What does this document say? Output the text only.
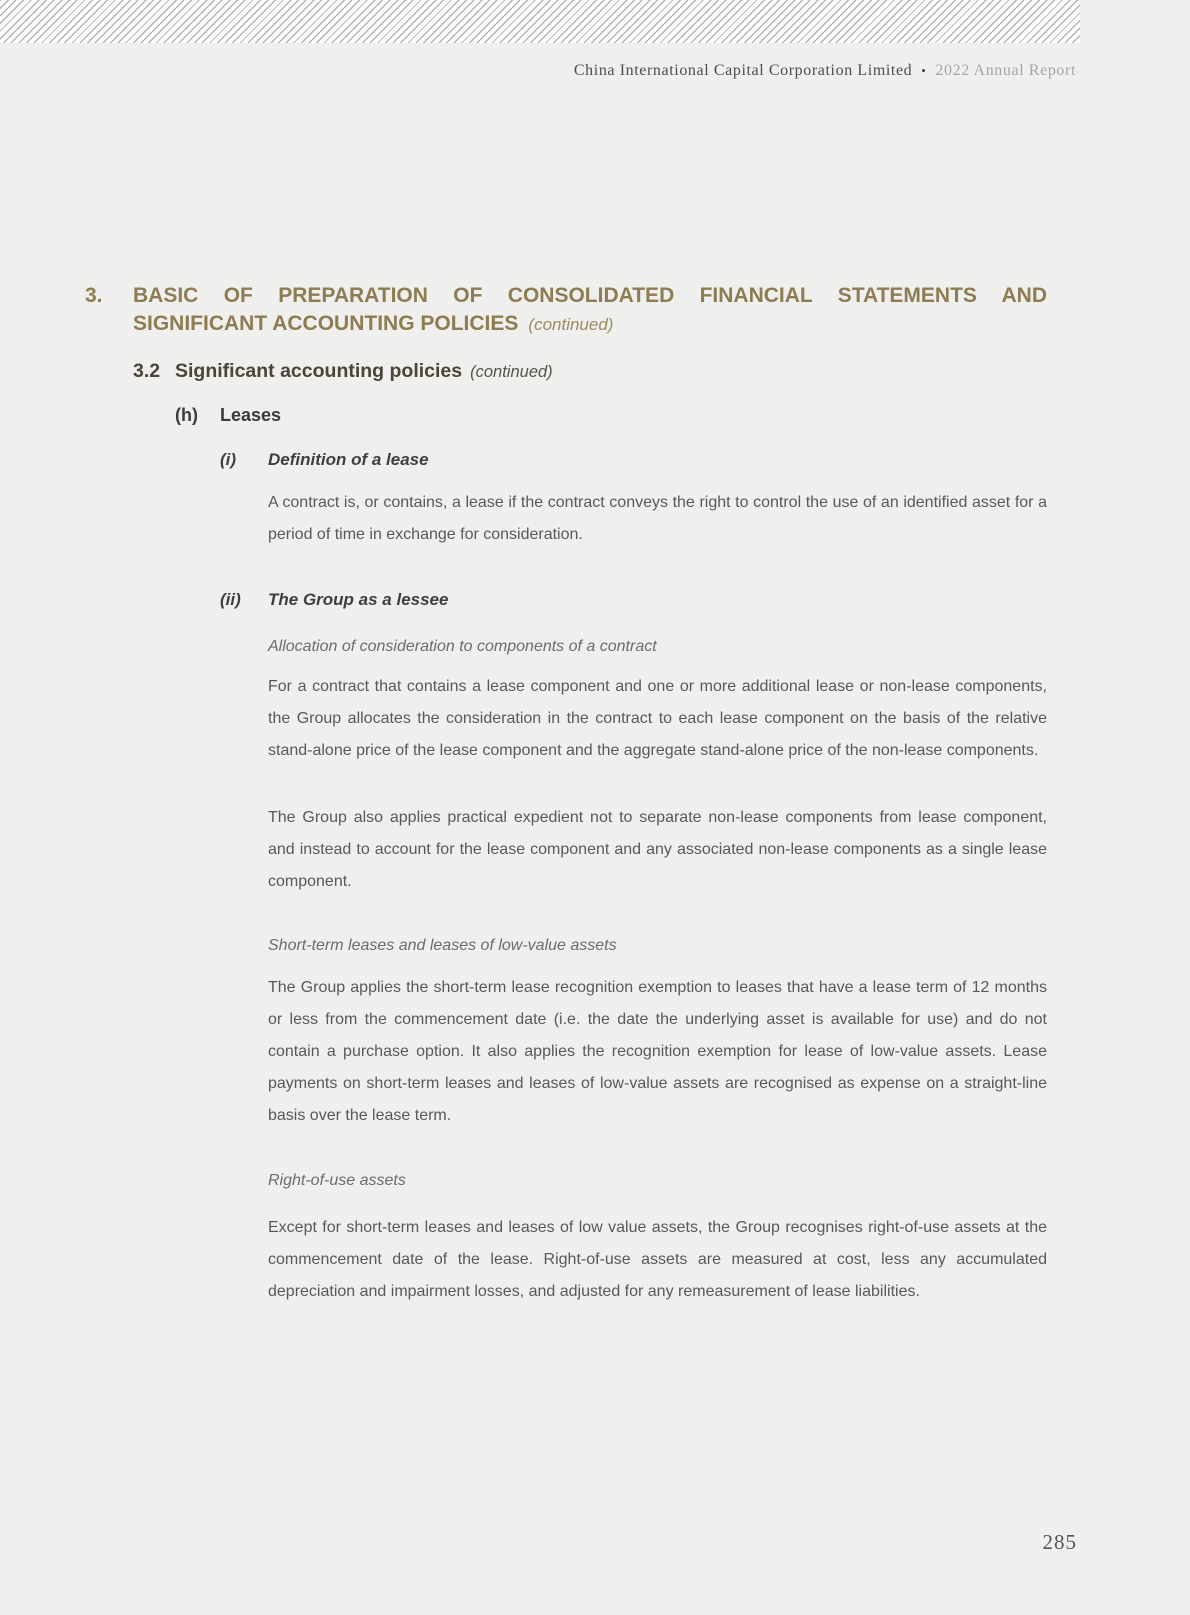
China International Capital Corporation Limited • 2022 Annual Report
3.	BASIC OF PREPARATION OF CONSOLIDATED FINANCIAL STATEMENTS AND
SIGNIFICANT ACCOUNTING POLICIES (continued)
3.2 Significant accounting policies (continued)
(h)	Leases
(i)	Definition of a lease

A contract is, or contains, a lease if the contract conveys the right to control the use of an identified asset for a period of time in exchange for consideration.

(ii)	The Group as a lessee

Allocation of consideration to components of a contract

For a contract that contains a lease component and one or more additional lease or non-lease components, the Group allocates the consideration in the contract to each lease component on the basis of the relative stand-alone price of the lease component and the aggregate stand-alone price of the non-lease components.

The Group also applies practical expedient not to separate non-lease components from lease component, and instead to account for the lease component and any associated non-lease components as a single lease component.

Short-term leases and leases of low-value assets

The Group applies the short-term lease recognition exemption to leases that have a lease term of 12 months or less from the commencement date (i.e. the date the underlying asset is available for use) and do not contain a purchase option. It also applies the recognition exemption for lease of low-value assets. Lease payments on short-term leases and leases of low-value assets are recognised as expense on a straight-line basis over the lease term.

Right-of-use assets

Except for short-term leases and leases of low value assets, the Group recognises right-of-use assets at the commencement date of the lease. Right-of-use assets are measured at cost, less any accumulated depreciation and impairment losses, and adjusted for any remeasurement of lease liabilities.

285
